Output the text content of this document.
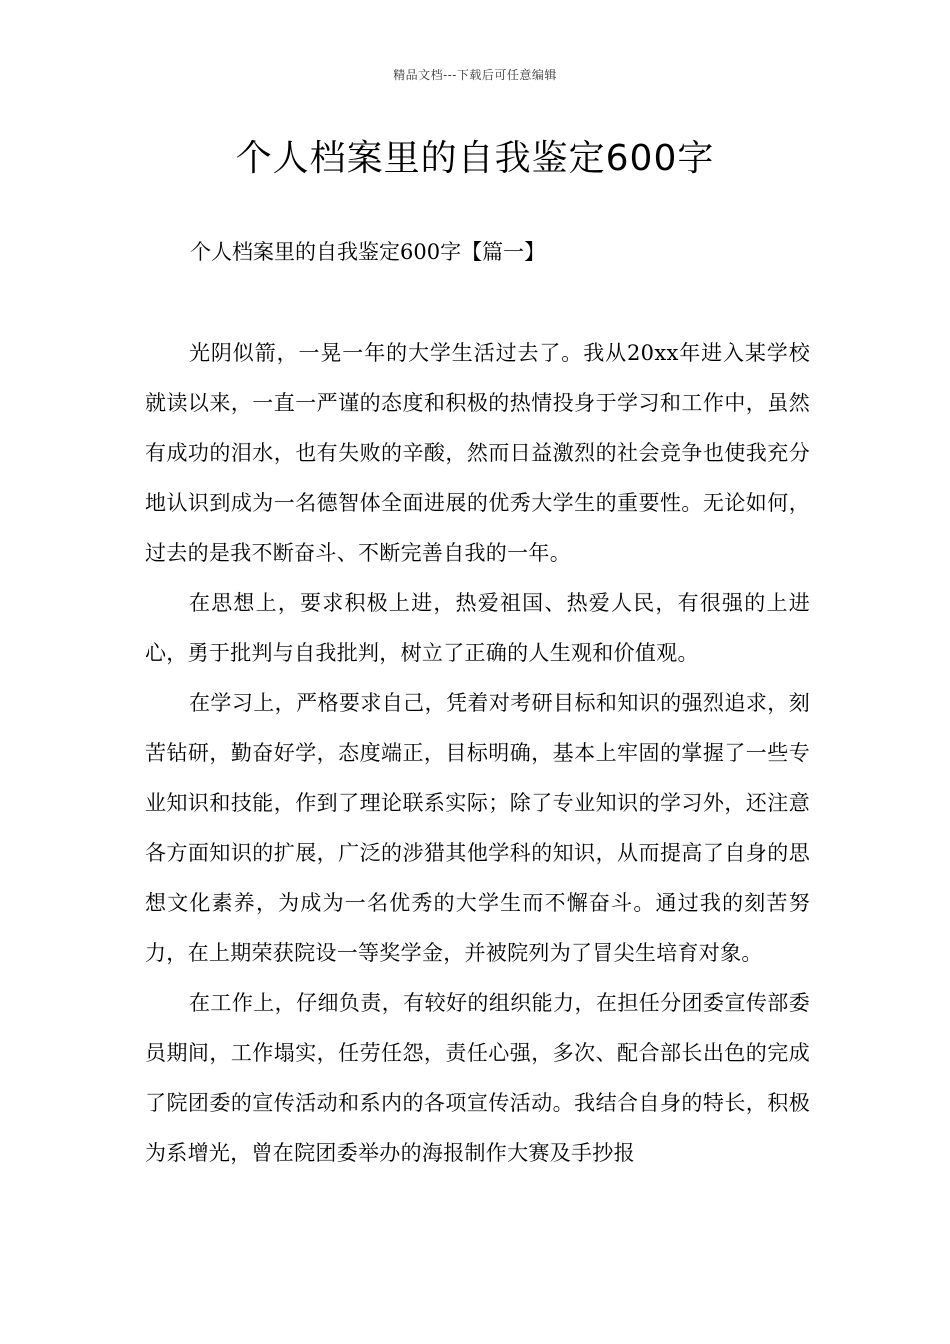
精品文档---下载后可任意编辑
个人档案里的自我鉴定600字
个人档案里的自我鉴定600字【篇一】

光阴似箭，一晃一年的大学生活过去了。我从20xx年进入某学校就读以来，一直一严谨的态度和积极的热情投身于学习和工作中，虽然有成功的泪水，也有失败的辛酸，然而日益激烈的社会竞争也使我充分地认识到成为一名德智体全面进展的优秀大学生的重要性。无论如何，过去的是我不断奋斗、不断完善自我的一年。

在思想上，要求积极上进，热爱祖国、热爱人民，有很强的上进心，勇于批判与自我批判，树立了正确的人生观和价值观。

在学习上，严格要求自己，凭着对考研目标和知识的强烈追求，刻苦钻研，勤奋好学，态度端正，目标明确，基本上牢固的掌握了一些专业知识和技能，作到了理论联系实际；除了专业知识的学习外，还注意各方面知识的扩展，广泛的涉猎其他学科的知识，从而提高了自身的思想文化素养，为成为一名优秀的大学生而不懈奋斗。通过我的刻苦努力，在上期荣获院设一等奖学金，并被院列为了冒尖生培育对象。

在工作上，仔细负责，有较好的组织能力，在担任分团委宣传部委员期间，工作塌实，任劳任怨，责任心强，多次、配合部长出色的完成了院团委的宣传活动和系内的各项宣传活动。我结合自身的特长，积极为系增光，曾在院团委举办的海报制作大赛及手抄报
